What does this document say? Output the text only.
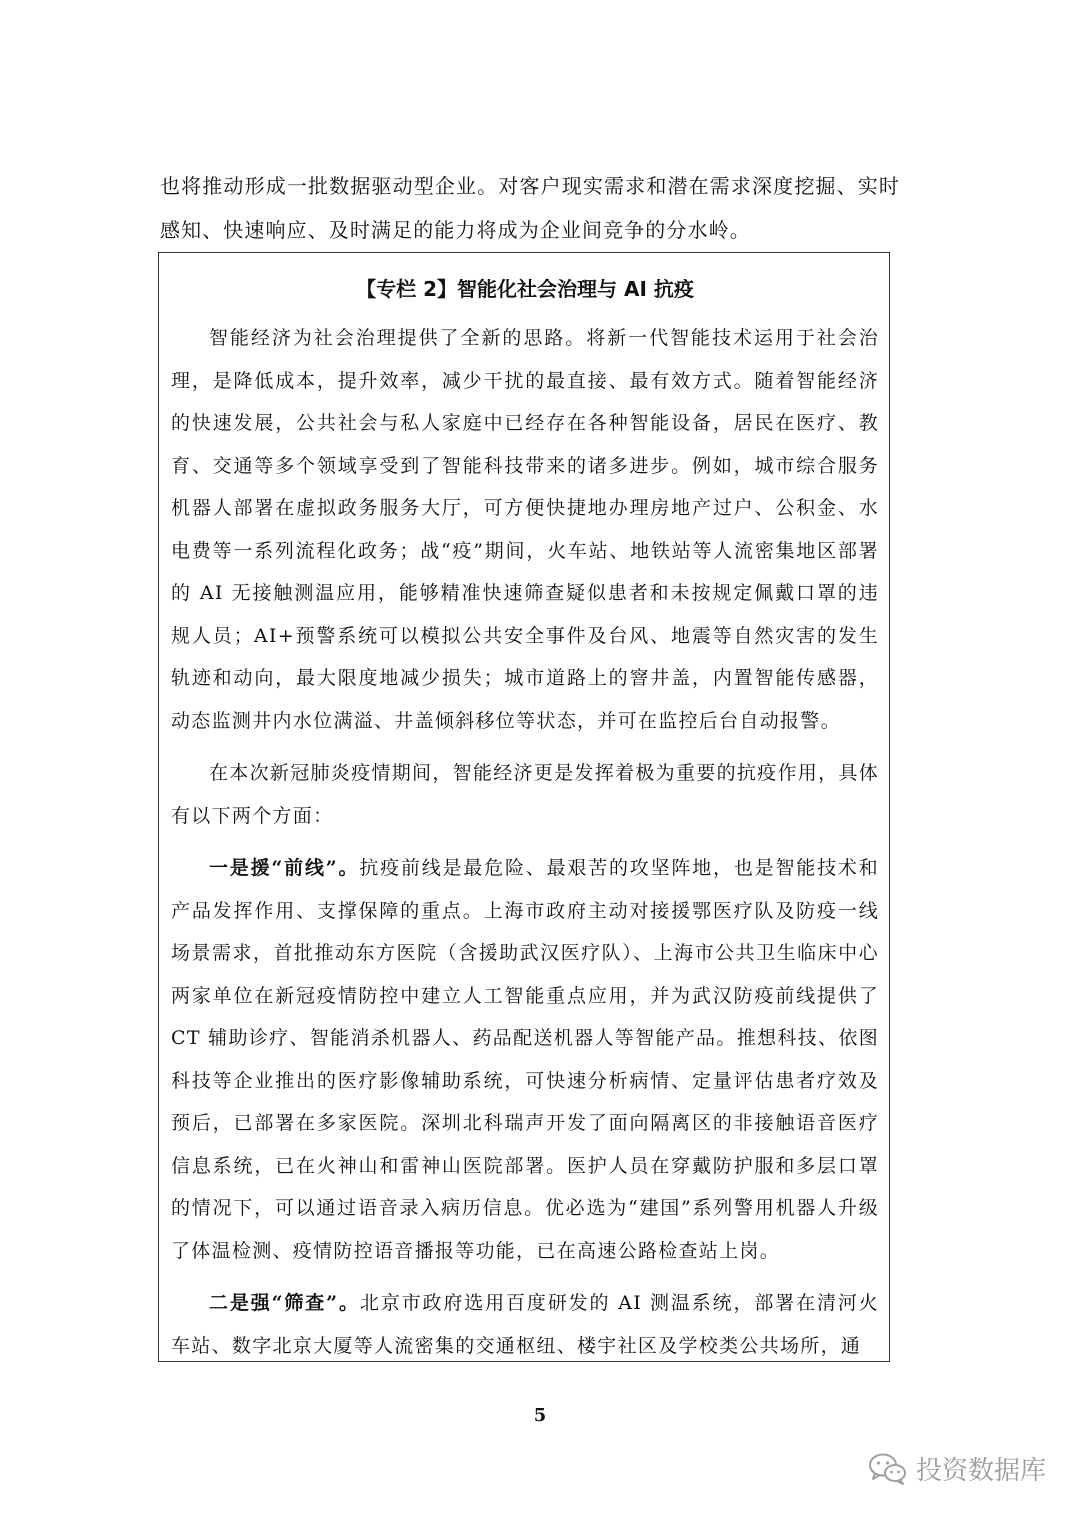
也将推动形成一批数据驱动型企业。对客户现实需求和潜在需求深度挖掘、实时感知、快速响应、及时满足的能力将成为企业间竞争的分水岭。

【专栏 2】智能化社会治理与 AI 抗疫

智能经济为社会治理提供了全新的思路。将新一代智能技术运用于社会治理，是降低成本，提升效率，减少干扰的最直接、最有效方式。随着智能经济的快速发展，公共社会与私人家庭中已经存在各种智能设备，居民在医疗、教育、交通等多个领域享受到了智能科技带来的诸多进步。例如，城市综合服务机器人部署在虚拟政务服务大厅，可方便快捷地办理房地产过户、公积金、水电费等一系列流程化政务；战“疫”期间，火车站、地铁站等人流密集地区部署的 AI 无接触测温应用，能够精准快速筛查疑似患者和未按规定佩戴口罩的违规人员；AI+预警系统可以模拟公共安全事件及台风、地震等自然灾害的发生轨迹和动向，最大限度地减少损失；城市道路上的窨井盖，内置智能传感器，动态监测井内水位满溢、井盖倾斜移位等状态，并可在监控后台自动报警。

在本次新冠肺炎疫情期间，智能经济更是发挥着极为重要的抗疫作用，具体有以下两个方面：

一是援“前线”。抗疫前线是最危险、最艰苦的攻坚阵地，也是智能技术和产品发挥作用、支撑保障的重点。上海市政府主动对接援鄂医疗队及防疫一线场景需求，首批推动东方医院（含援助武汉医疗队）、上海市公共卫生临床中心两家单位在新冠疫情防控中建立人工智能重点应用，并为武汉防疫前线提供了 CT 辅助诊疗、智能消杀机器人、药品配送机器人等智能产品。推想科技、依图科技等企业推出的医疗影像辅助系统，可快速分析病情、定量评估患者疗效及预后，已部署在多家医院。深圳北科瑞声开发了面向隔离区的非接触语音医疗信息系统，已在火神山和雷神山医院部署。医护人员在穿戴防护服和多层口罩的情况下，可以通过语音录入病历信息。优必选为“建国”系列警用机器人升级了体温检测、疫情防控语音播报等功能，已在高速公路检查站上岗。

二是强“筛查”。北京市政府选用百度研发的 AI 测温系统，部署在清河火车站、数字北京大厦等人流密集的交通枢纽、楼宇社区及学校类公共场所，通

5
投资数据库
